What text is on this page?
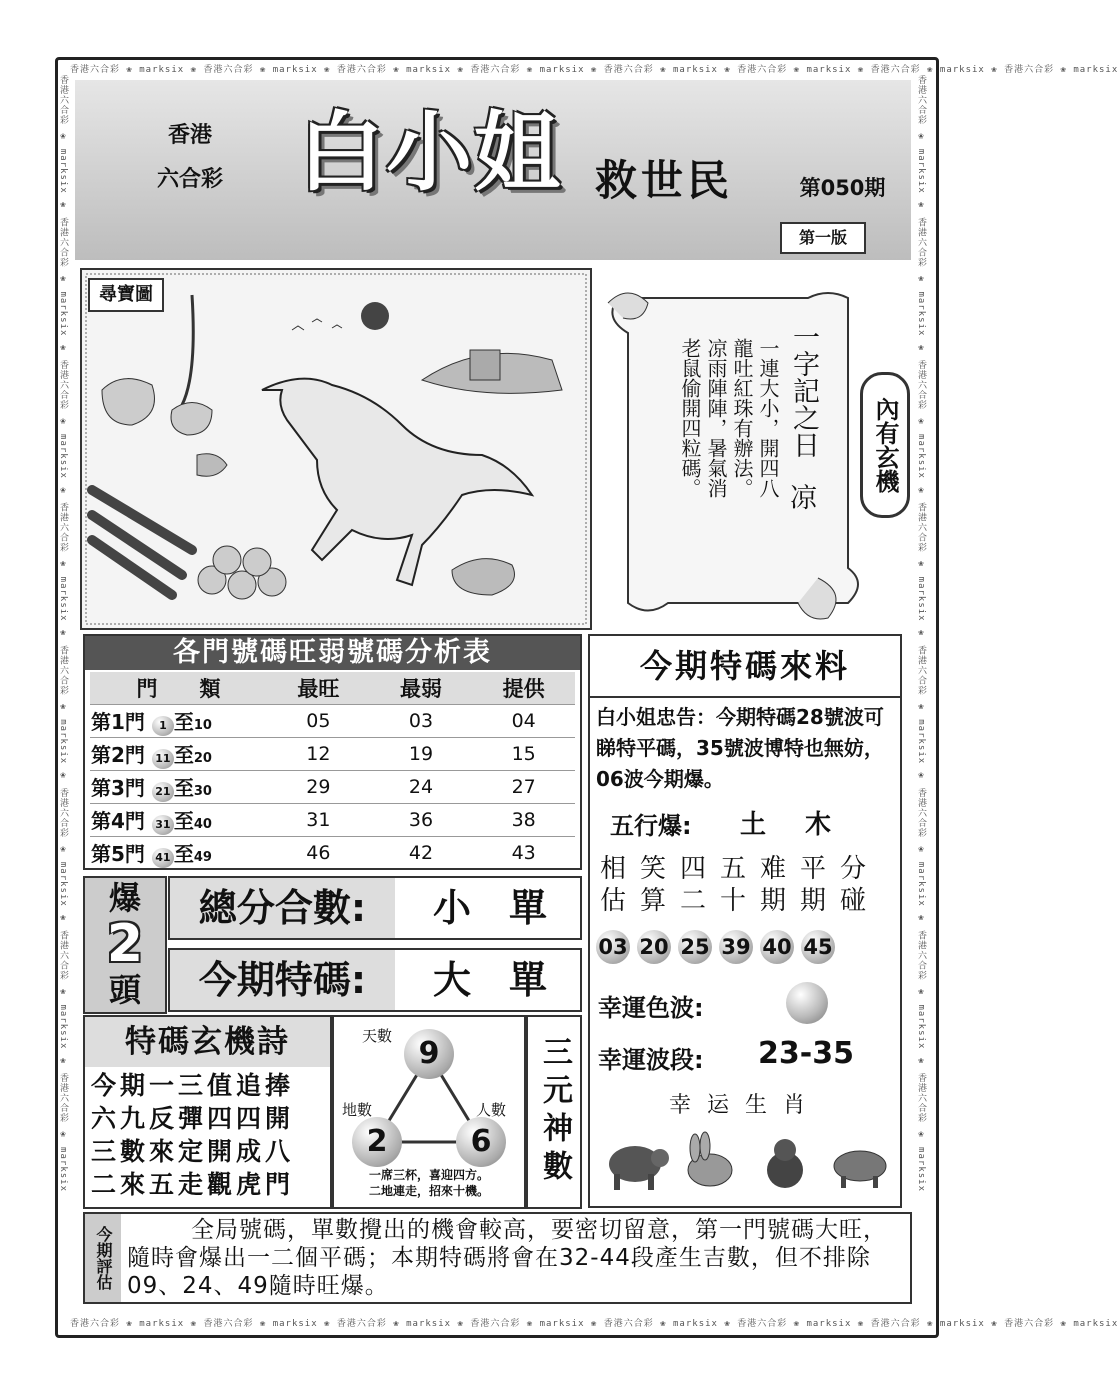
香港六合彩 ❀ marksix ❀ 香港六合彩 ❀ marksix ❀ 香港六合彩 ❀ marksix ❀ 香港六合彩 ❀ marksix ❀ 香港六合彩 ❀ marksix ❀ 香港六合彩 ❀ marksix ❀ 香港六合彩 ❀ marksix ❀ 香港六合彩 ❀ marksix
香港六合彩 ❀ marksix ❀ 香港六合彩 ❀ marksix ❀ 香港六合彩 ❀ marksix ❀ 香港六合彩 ❀ marksix ❀ 香港六合彩 ❀ marksix ❀ 香港六合彩 ❀ marksix ❀ 香港六合彩 ❀ marksix ❀ 香港六合彩 ❀ marksix
香港六合彩 ❀ marksix ❀ 香港六合彩 ❀ marksix ❀ 香港六合彩 ❀ marksix ❀ 香港六合彩 ❀ marksix ❀ 香港六合彩 ❀ marksix ❀ 香港六合彩 ❀ marksix ❀ 香港六合彩 ❀ marksix ❀ 香港六合彩 ❀ marksix	香港六合彩 ❀ marksix ❀ 香港六合彩 ❀ marksix ❀ 香港六合彩 ❀ marksix ❀ 香港六合彩 ❀ marksix ❀ 香港六合彩 ❀ marksix ❀ 香港六合彩 ❀ marksix ❀ 香港六合彩 ❀ marksix ❀ 香港六合彩 ❀ marksix
香港
六合彩 白小姐 救世民	第050期
第一版
尋寶圖
一字記之日
凉
一連大小，開四八
龍吐紅珠有辦法。
凉雨陣陣，暑氣消
老鼠偷開四粒碼。	內有玄機
各門號碼旺弱號碼分析表
門　　類	最旺	最弱	提供
第1門 1 至10	05	03	04
第2門 11 至20	12	19	15
第3門 21 至30	29	24	27
第4門 31 至40	31	36	38
第5門 41 至49	46	42	43
今期特碼來料
白小姐忠告：今期特碼28號波可睇特平碼，35號波博特也無妨，06波今期爆。
五行爆: 土 木
相笑四五难平分
估算二十期期碰
03 20 25 39 40 45
幸運色波:
幸運波段: 23-35
幸运生肖
爆
2
頭
總分合數:	小　單
今期特碼:	大　單
特碼玄機詩
今期一三值追捧
六九反彈四四開
三數來定開成八
二來五走觀虎門
天數
地數	人數
9
2	6
一席三杯，喜迎四方。
二地連走，招來十機。
三元神數
今期評估	全局號碼，單數攪出的機會較高，要密切留意，第一門號碼大旺，隨時會爆出一二個平碼；本期特碼將會在32-44段產生吉數，但不排除09、24、49隨時旺爆。
